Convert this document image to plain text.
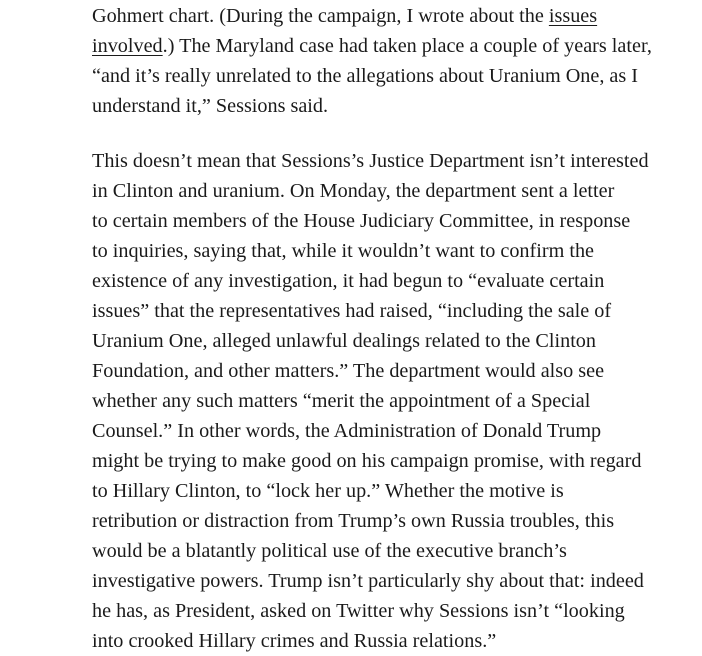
Gohmert chart. (During the campaign, I wrote about the issues
involved.) The Maryland case had taken place a couple of years later,
“and it’s really unrelated to the allegations about Uranium One, as I
understand it,” Sessions said.

This doesn’t mean that Sessions’s Justice Department isn’t interested
in Clinton and uranium. On Monday, the department sent a letter
to certain members of the House Judiciary Committee, in response
to inquiries, saying that, while it wouldn’t want to confirm the
existence of any investigation, it had begun to “evaluate certain
issues” that the representatives had raised, “including the sale of
Uranium One, alleged unlawful dealings related to the Clinton
Foundation, and other matters.” The department would also see
whether any such matters “merit the appointment of a Special
Counsel.” In other words, the Administration of Donald Trump
might be trying to make good on his campaign promise, with regard
to Hillary Clinton, to “lock her up.” Whether the motive is
retribution or distraction from Trump’s own Russia troubles, this
would be a blatantly political use of the executive branch’s
investigative powers. Trump isn’t particularly shy about that: indeed
he has, as President, asked on Twitter why Sessions isn’t “looking
into crooked Hillary crimes and Russia relations.”
